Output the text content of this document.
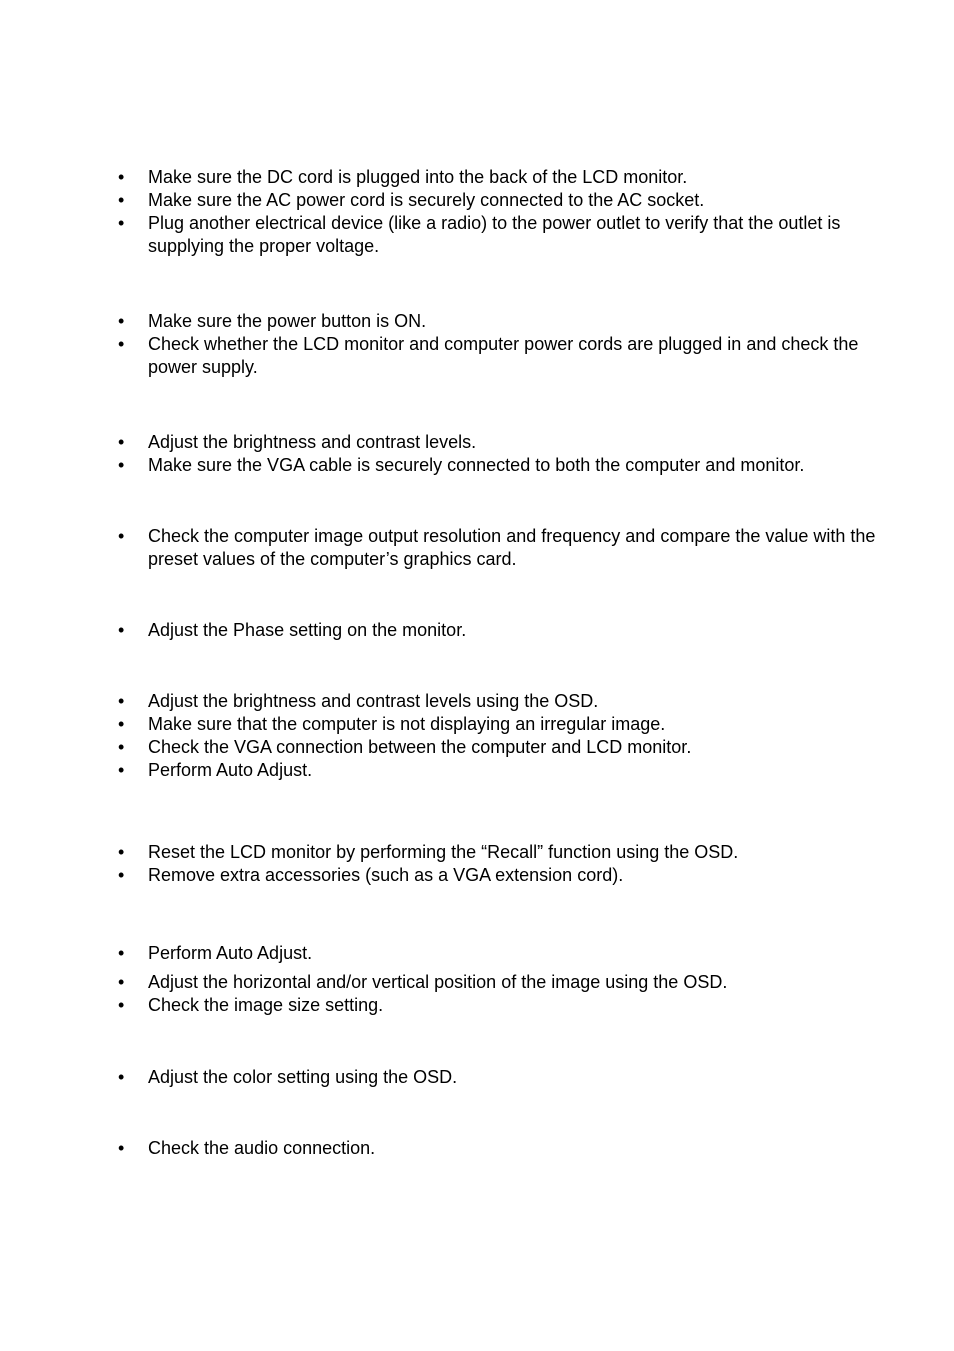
•	Make sure the DC cord is plugged into the back of the LCD monitor.
•	Make sure the AC power cord is securely connected to the AC socket.
•	Plug another electrical device (like a radio) to the power outlet to verify that the outlet is supplying the proper voltage.
•	Make sure the power button is ON.
•	Check whether the LCD monitor and computer power cords are plugged in and check the power supply.
•	Adjust the brightness and contrast levels.
•	Make sure the VGA cable is securely connected to both the computer and monitor.
•	Check the computer image output resolution and frequency and compare the value with the preset values of the computer’s graphics card.
•	Adjust the Phase setting on the monitor.
•	Adjust the brightness and contrast levels using the OSD.
•	Make sure that the computer is not displaying an irregular image.
•	Check the VGA connection between the computer and LCD monitor.
•	Perform Auto Adjust.
•	Reset the LCD monitor by performing the “Recall” function using the OSD.
•	Remove extra accessories (such as a VGA extension cord).
•	Perform Auto Adjust.
•	Adjust the horizontal and/or vertical position of the image using the OSD.
•	Check the image size setting.
•	Adjust the color setting using the OSD.
•	Check the audio connection.
